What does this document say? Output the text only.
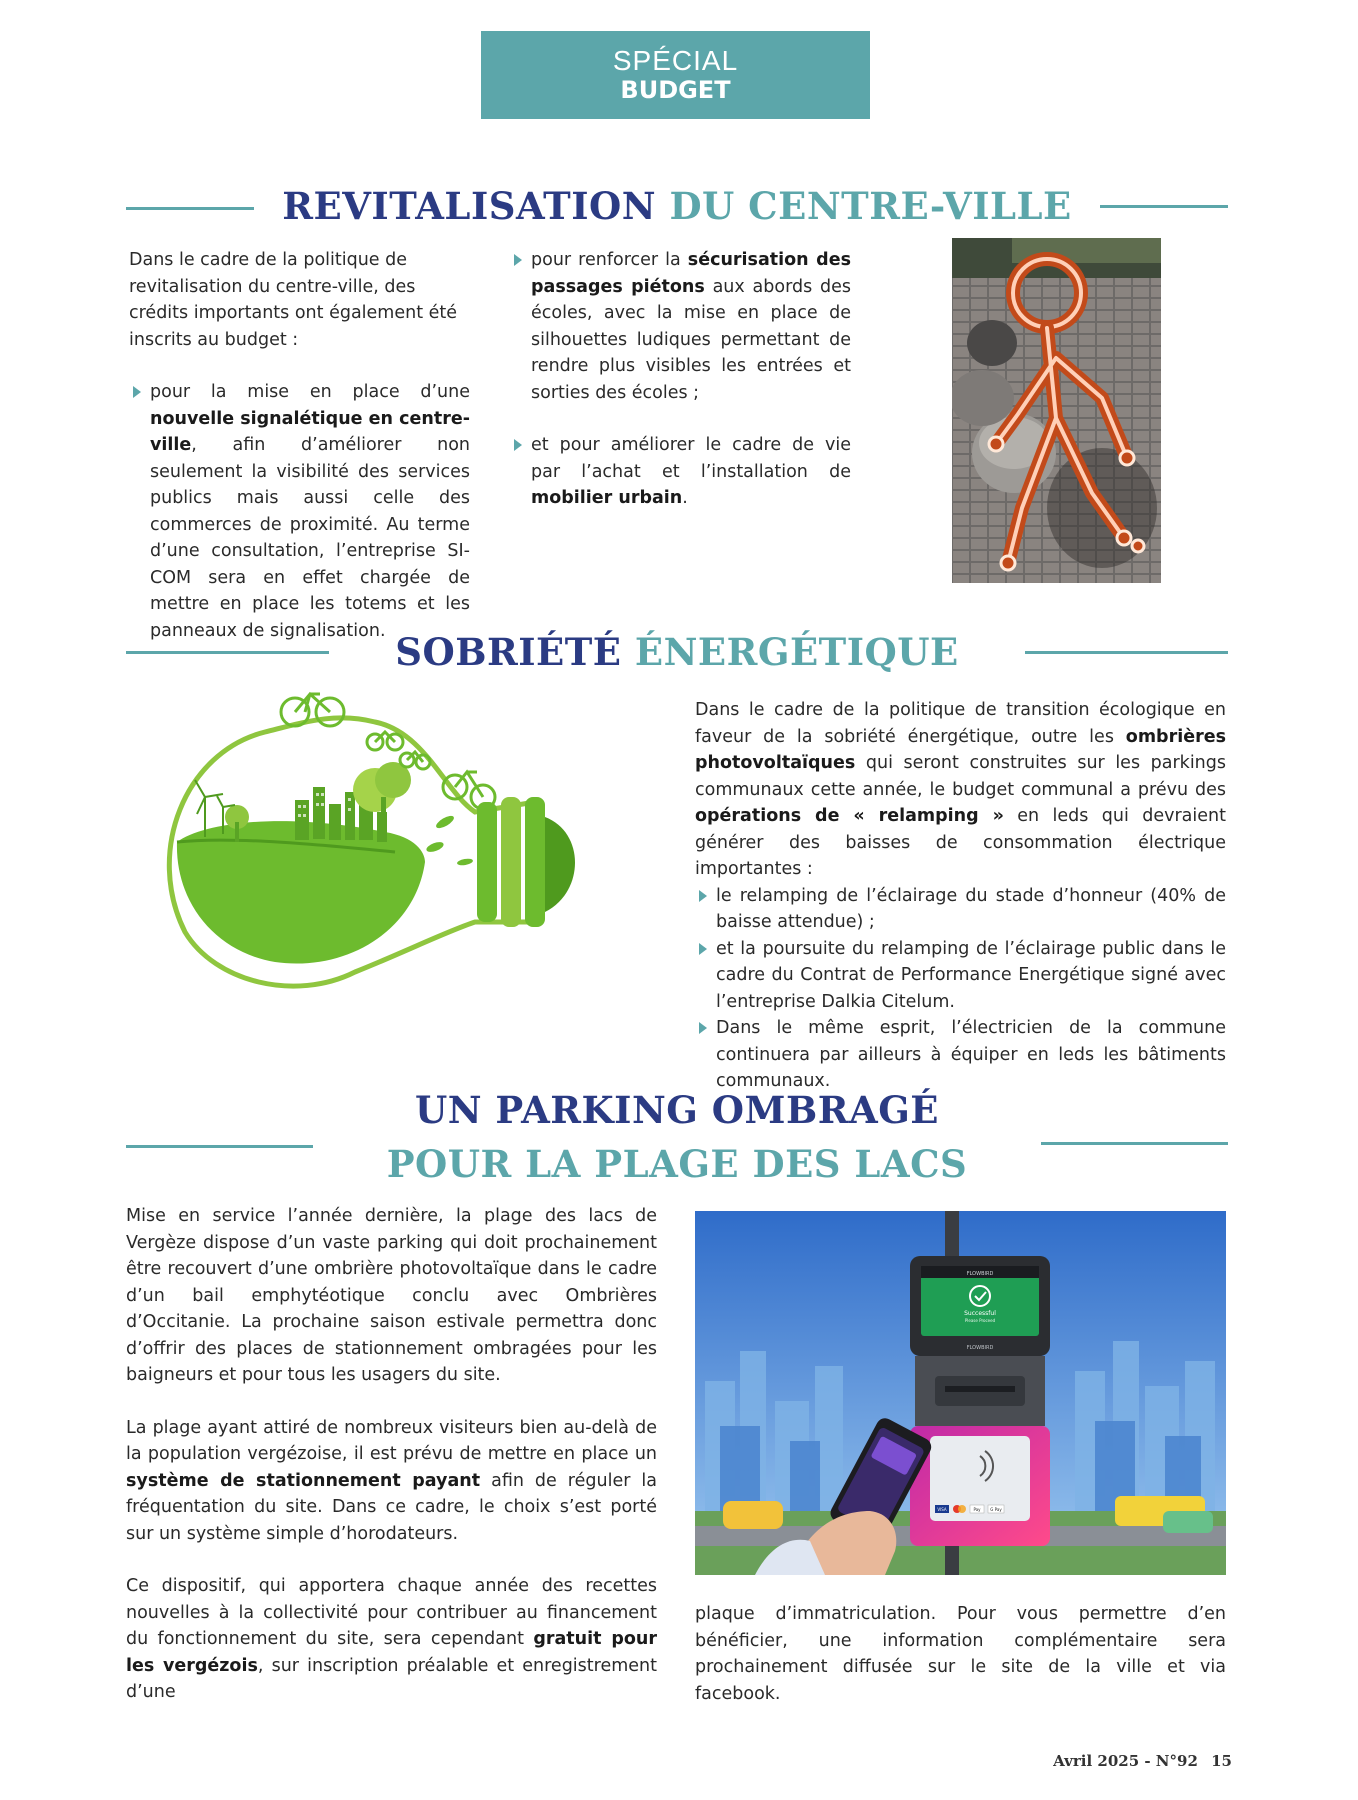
SPÉCIAL
BUDGET
REVITALISATION DU CENTRE-VILLE

Dans le cadre de la politique de revitalisation du centre-ville, des crédits importants ont également été inscrits au budget :

pour la mise en place d’une nouvelle signalétique en centre-ville, afin d’améliorer non seulement la visibilité des services publics mais aussi celle des commerces de proximité. Au terme d’une consultation, l’entreprise SI-COM sera en effet chargée de mettre en place les totems et les panneaux de signalisation.
pour renforcer la sécurisation des passages piétons aux abords des écoles, avec la mise en place de silhouettes ludiques permettant de rendre plus visibles les entrées et sorties des écoles ;
et pour améliorer le cadre de vie par l’achat et l’installation de mobilier urbain.
SOBRIÉTÉ ÉNERGÉTIQUE

Dans le cadre de la politique de transition écologique en faveur de la sobriété énergétique, outre les ombrières photovoltaïques qui seront construites sur les parkings communaux cette année, le budget communal a prévu des opérations de « relamping » en leds qui devraient générer des baisses de consommation électrique importantes :

le relamping de l’éclairage du stade d’honneur (40% de baisse attendue) ;
et la poursuite du relamping de l’éclairage public dans le cadre du Contrat de Performance Energétique signé avec l’entreprise Dalkia Citelum.
Dans le même esprit, l’électricien de la commune continuera par ailleurs à équiper en leds les bâtiments communaux.
UN PARKING OMBRAGÉ
POUR LA PLAGE DES LACS

Mise en service l’année dernière, la plage des lacs de Vergèze dispose d’un vaste parking qui doit prochainement être recouvert d’une ombrière photovoltaïque dans le cadre d’un bail emphytéotique conclu avec Ombrières d’Occitanie. La prochaine saison estivale permettra donc d’offrir des places de stationnement ombragées pour les baigneurs et pour tous les usagers du site.

La plage ayant attiré de nombreux visiteurs bien au-delà de la population vergézoise, il est prévu de mettre en place un système de stationnement payant afin de réguler la fréquentation du site. Dans ce cadre, le choix s’est porté sur un système simple d’horodateurs.

Ce dispositif, qui apportera chaque année des recettes nouvelles à la collectivité pour contribuer au financement du fonctionnement du site, sera cependant gratuit pour les vergézois, sur inscription préalable et enregistrement d’une

FLOWBIRD
Successful
Please Proceed
FLOWBIRD
VISA	Pay G Pay

plaque d’immatriculation. Pour vous permettre d’en bénéficier, une information complémentaire sera prochainement diffusée sur le site de la ville et via facebook.

Avril 2025 - N°92 15
